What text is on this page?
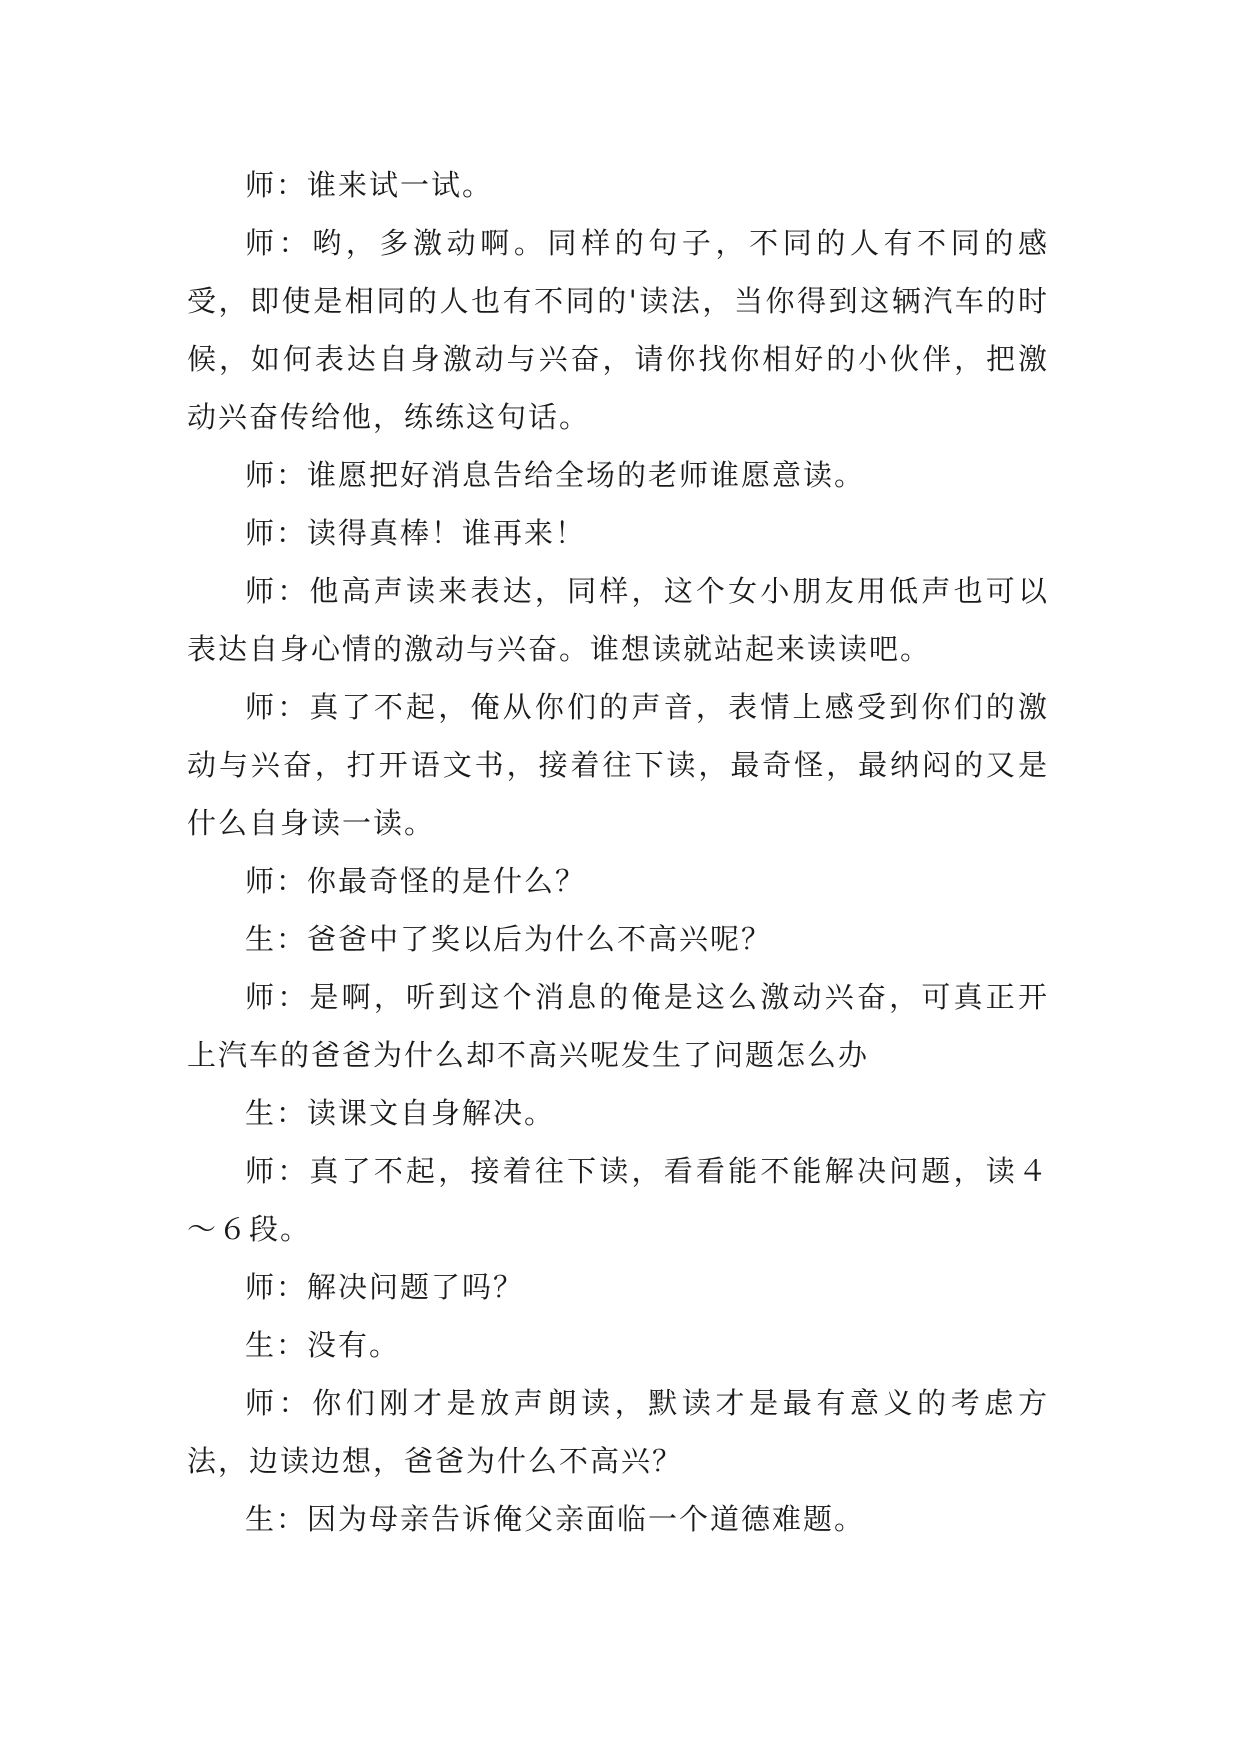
师：谁来试一试。

师：哟，多激动啊。同样的句子，不同的人有不同的感受，即使是相同的人也有不同的'读法，当你得到这辆汽车的时候，如何表达自身激动与兴奋，请你找你相好的小伙伴，把激动兴奋传给他，练练这句话。

师：谁愿把好消息告给全场的老师谁愿意读。

师：读得真棒！谁再来！

师：他高声读来表达，同样，这个女小朋友用低声也可以表达自身心情的激动与兴奋。谁想读就站起来读读吧。

师：真了不起，俺从你们的声音，表情上感受到你们的激动与兴奋，打开语文书，接着往下读，最奇怪，最纳闷的又是什么自身读一读。

师：你最奇怪的是什么？

生：爸爸中了奖以后为什么不高兴呢？

师：是啊，听到这个消息的俺是这么激动兴奋，可真正开上汽车的爸爸为什么却不高兴呢发生了问题怎么办

生：读课文自身解决。

师：真了不起，接着往下读，看看能不能解决问题，读４～６段。

师：解决问题了吗？

生：没有。

师：你们刚才是放声朗读，默读才是最有意义的考虑方法，边读边想，爸爸为什么不高兴？

生：因为母亲告诉俺父亲面临一个道德难题。
